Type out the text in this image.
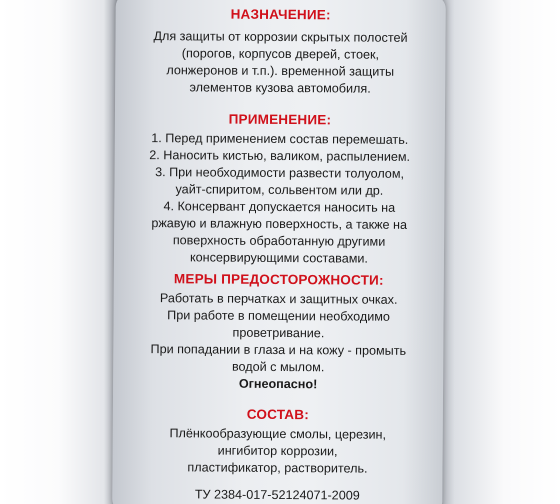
НАЗНАЧЕНИЕ:
Для защиты от коррозии скрытых полостей
(порогов, корпусов дверей, стоек,
лонжеронов и т.п.). временной защиты
элементов кузова автомобиля.
ПРИМЕНЕНИЕ:
1. Перед применением состав перемешать.
2. Наносить кистью, валиком, распылением.
3. При необходимости развести толуолом,
уайт-спиритом, сольвентом или др.
4. Консервант допускается наносить на
ржавую и влажную поверхность, а также на
поверхность обработанную другими
консервирующими составами.
МЕРЫ ПРЕДОСТОРОЖНОСТИ:
Работать в перчатках и защитных очках.
При работе в помещении необходимо
проветривание.
При попадании в глаза и на кожу - промыть
водой с мылом.
Огнеопасно!
СОСТАВ:
Плёнкообразующие смолы, церезин,
ингибитор коррозии,
пластификатор, растворитель.
ТУ 2384-017-52124071-2009
